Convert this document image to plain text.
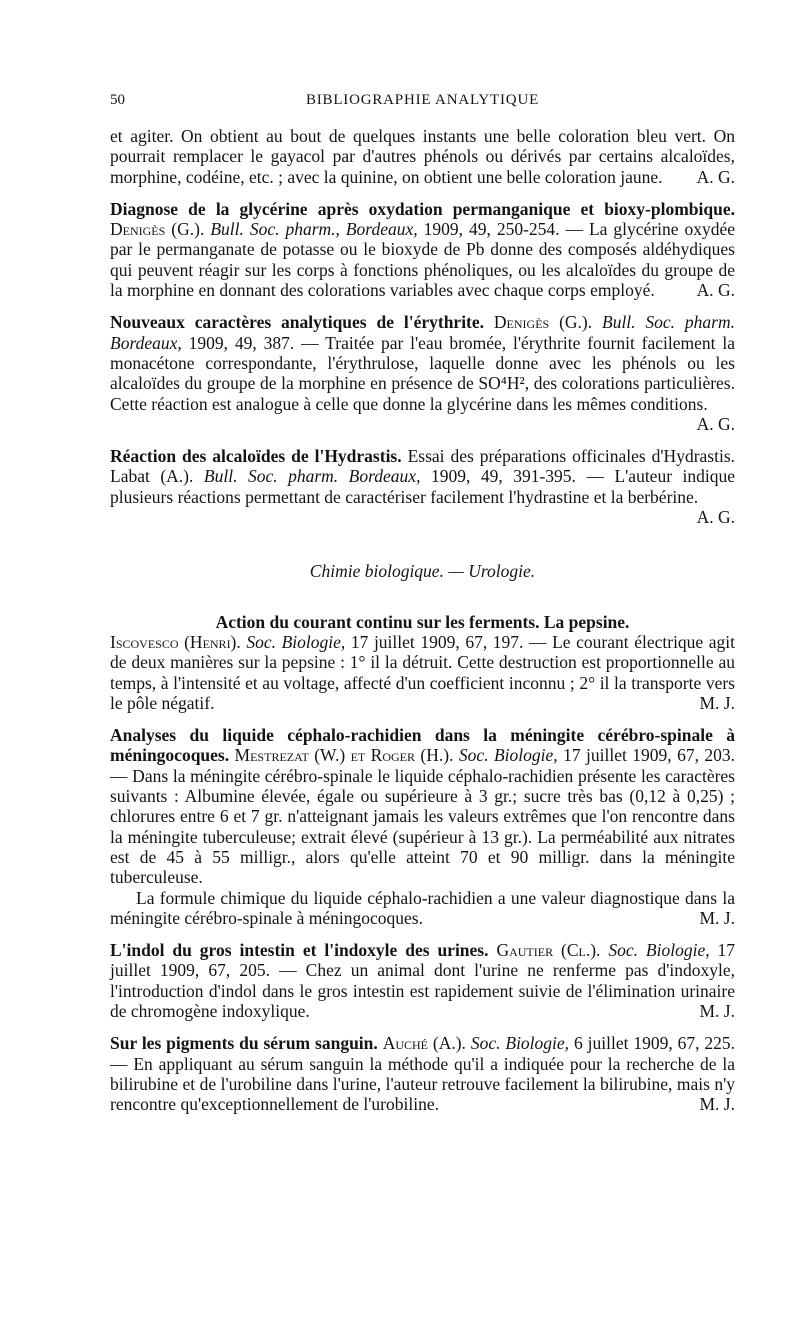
50	BIBLIOGRAPHIE ANALYTIQUE

et agiter. On obtient au bout de quelques instants une belle coloration bleu vert. On pourrait remplacer le gayacol par d'autres phénols ou dérivés par certains alcaloïdes, morphine, codéine, etc. ; avec la quinine, on obtient une belle coloration jaune. A. G.

Diagnose de la glycérine après oxydation permanganique et bioxy-plombique. Denigès (G.). Bull. Soc. pharm., Bordeaux, 1909, 49, 250-254. — La glycérine oxydée par le permanganate de potasse ou le bioxyde de Pb donne des composés aldéhydiques qui peuvent réagir sur les corps à fonctions phénoliques, ou les alcaloïdes du groupe de la morphine en donnant des colorations variables avec chaque corps employé. A. G.

Nouveaux caractères analytiques de l'érythrite. Denigès (G.). Bull. Soc. pharm. Bordeaux, 1909, 49, 387. — Traitée par l'eau bromée, l'érythrite fournit facilement la monacétone correspondante, l'érythrulose, laquelle donne avec les phénols ou les alcaloïdes du groupe de la morphine en présence de SO⁴H², des colorations particulières. Cette réaction est analogue à celle que donne la glycérine dans les mêmes conditions.
A. G.

Réaction des alcaloïdes de l'Hydrastis. Essai des préparations officinales d'Hydrastis. Labat (A.). Bull. Soc. pharm. Bordeaux, 1909, 49, 391-395. — L'auteur indique plusieurs réactions permettant de caractériser facilement l'hydrastine et la berbérine.
A. G.

Chimie biologique. — Urologie.

Action du courant continu sur les ferments. La pepsine.
Iscovesco (Henri). Soc. Biologie, 17 juillet 1909, 67, 197. — Le courant électrique agit de deux manières sur la pepsine : 1° il la détruit. Cette destruction est proportionnelle au temps, à l'intensité et au voltage, affecté d'un coefficient inconnu ; 2° il la transporte vers le pôle négatif.	M. J.

Analyses du liquide céphalo-rachidien dans la méningite cérébro-spinale à méningocoques. Mestrezat (W.) et Roger (H.). Soc. Biologie, 17 juillet 1909, 67, 203. — Dans la méningite cérébro-spinale le liquide céphalo-rachidien présente les caractères suivants : Albumine élevée, égale ou supérieure à 3 gr.; sucre très bas (0,12 à 0,25) ; chlorures entre 6 et 7 gr. n'atteignant jamais les valeurs extrêmes que l'on rencontre dans la méningite tuberculeuse; extrait élevé (supérieur à 13 gr.). La perméabilité aux nitrates est de 45 à 55 milligr., alors qu'elle atteint 70 et 90 milligr. dans la méningite tuberculeuse.

La formule chimique du liquide céphalo-rachidien a une valeur diagnostique dans la méningite cérébro-spinale à méningocoques.	M. J.

L'indol du gros intestin et l'indoxyle des urines. Gautier (Cl.). Soc. Biologie, 17 juillet 1909, 67, 205. — Chez un animal dont l'urine ne renferme pas d'indoxyle, l'introduction d'indol dans le gros intestin est rapidement suivie de l'élimination urinaire de chromogène indoxylique.	M. J.

Sur les pigments du sérum sanguin. Auché (A.). Soc. Biologie, 6 juillet 1909, 67, 225. — En appliquant au sérum sanguin la méthode qu'il a indiquée pour la recherche de la bilirubine et de l'urobiline dans l'urine, l'auteur retrouve facilement la bilirubine, mais n'y rencontre qu'exceptionnellement de l'urobiline.	M. J.
